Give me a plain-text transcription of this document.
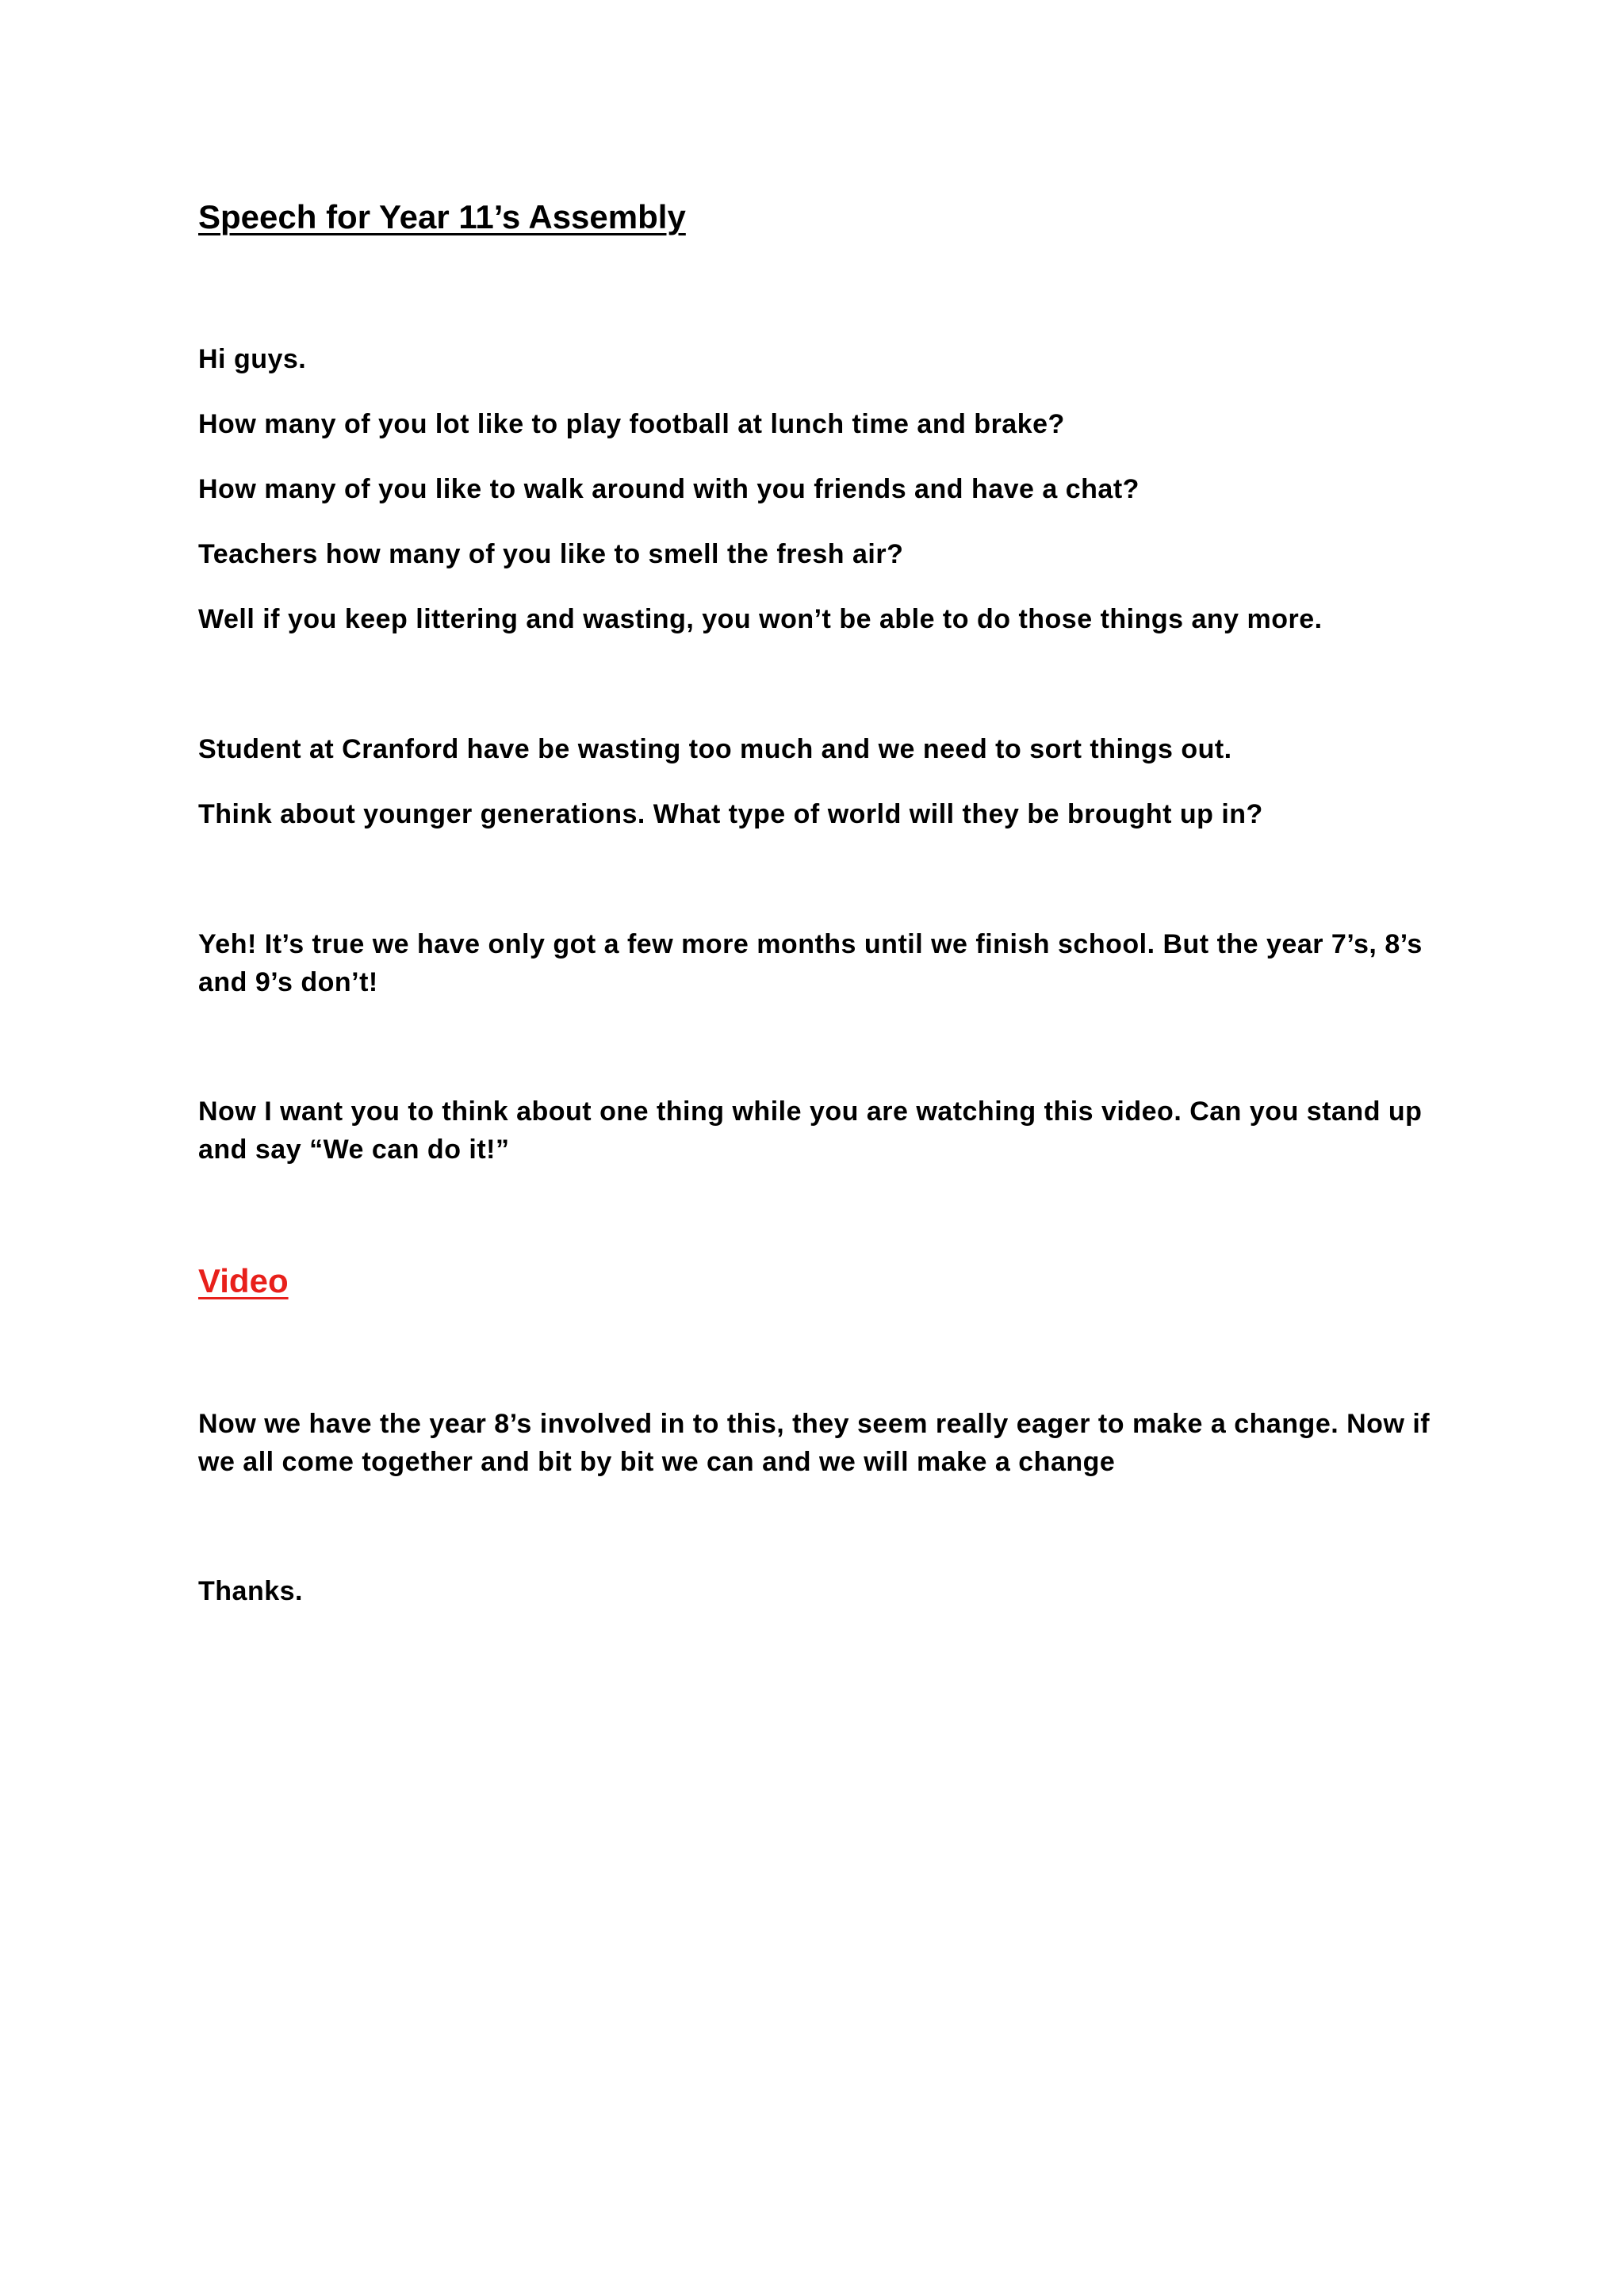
Speech for Year 11’s Assembly

Hi guys.

How many of you lot like to play football at lunch time and brake?

How many of you like to walk around with you friends and have a chat?

Teachers how many of you like to smell the fresh air?

Well if you keep littering and wasting, you won’t be able to do those things any more.

Student at Cranford have be wasting too much and we need to sort things out.

Think about younger generations. What type of world will they be brought up in?

Yeh! It’s true we have only got a few more months until we finish school. But the year 7’s, 8’s and 9’s don’t!

Now I want you to think about one thing while you are watching this video. Can you stand up and say “We can do it!”

Video

Now we have the year 8’s involved in to this, they seem really eager to make a change. Now if we all come together and bit by bit we can and we will make a change

Thanks.
